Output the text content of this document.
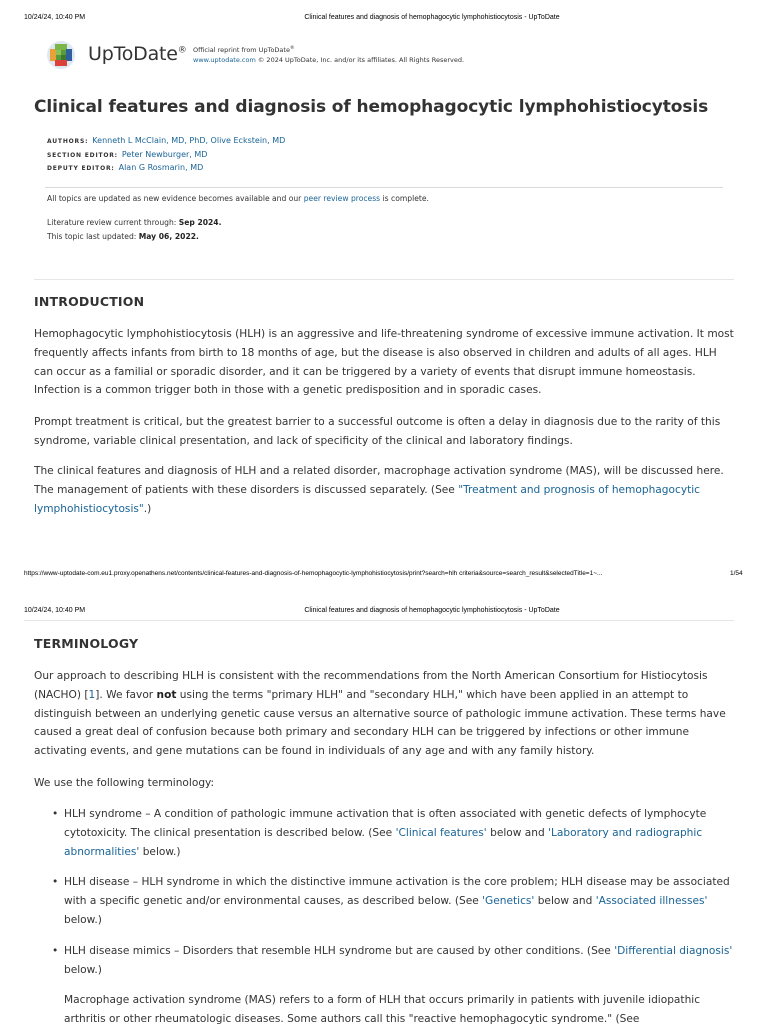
10/24/24, 10:40 PM	Clinical features and diagnosis of hemophagocytic lymphohistiocytosis - UpToDate
UpToDate® Official reprint from UpToDate®
www.uptodate.com © 2024 UpToDate, Inc. and/or its affiliates. All Rights Reserved.
Clinical features and diagnosis of hemophagocytic lymphohistiocytosis
AUTHORS: Kenneth L McClain, MD, PhD, Olive Eckstein, MD
SECTION EDITOR: Peter Newburger, MD
DEPUTY EDITOR: Alan G Rosmarin, MD
All topics are updated as new evidence becomes available and our peer review process is complete.
Literature review current through: Sep 2024.
This topic last updated: May 06, 2022.
INTRODUCTION

Hemophagocytic lymphohistiocytosis (HLH) is an aggressive and life-threatening syndrome of excessive immune activation. It most frequently affects infants from birth to 18 months of age, but the disease is also observed in children and adults of all ages. HLH can occur as a familial or sporadic disorder, and it can be triggered by a variety of events that disrupt immune homeostasis. Infection is a common trigger both in those with a genetic predisposition and in sporadic cases.

Prompt treatment is critical, but the greatest barrier to a successful outcome is often a delay in diagnosis due to the rarity of this syndrome, variable clinical presentation, and lack of specificity of the clinical and laboratory findings.

The clinical features and diagnosis of HLH and a related disorder, macrophage activation syndrome (MAS), will be discussed here. The management of patients with these disorders is discussed separately. (See "Treatment and prognosis of hemophagocytic lymphohistiocytosis".)

https://www-uptodate-com.eu1.proxy.openathens.net/contents/clinical-features-and-diagnosis-of-hemophagocytic-lymphohistiocytosis/print?search=hlh criteria&source=search_result&selectedTitle=1~...	1/54
10/24/24, 10:40 PM	Clinical features and diagnosis of hemophagocytic lymphohistiocytosis - UpToDate
TERMINOLOGY

Our approach to describing HLH is consistent with the recommendations from the North American Consortium for Histiocytosis (NACHO) [1]. We favor not using the terms "primary HLH" and "secondary HLH," which have been applied in an attempt to distinguish between an underlying genetic cause versus an alternative source of pathologic immune activation. These terms have caused a great deal of confusion because both primary and secondary HLH can be triggered by infections or other immune activating events, and gene mutations can be found in individuals of any age and with any family history.

We use the following terminology:

• HLH syndrome – A condition of pathologic immune activation that is often associated with genetic defects of lymphocyte cytotoxicity. The clinical presentation is described below. (See 'Clinical features' below and 'Laboratory and radiographic abnormalities' below.)
• HLH disease – HLH syndrome in which the distinctive immune activation is the core problem; HLH disease may be associated with a specific genetic and/or environmental causes, as described below. (See 'Genetics' below and 'Associated illnesses' below.)
• HLH disease mimics – Disorders that resemble HLH syndrome but are caused by other conditions. (See 'Differential diagnosis' below.)

Macrophage activation syndrome (MAS) refers to a form of HLH that occurs primarily in patients with juvenile idiopathic arthritis or other rheumatologic diseases. Some authors call this "reactive hemophagocytic syndrome." (See
